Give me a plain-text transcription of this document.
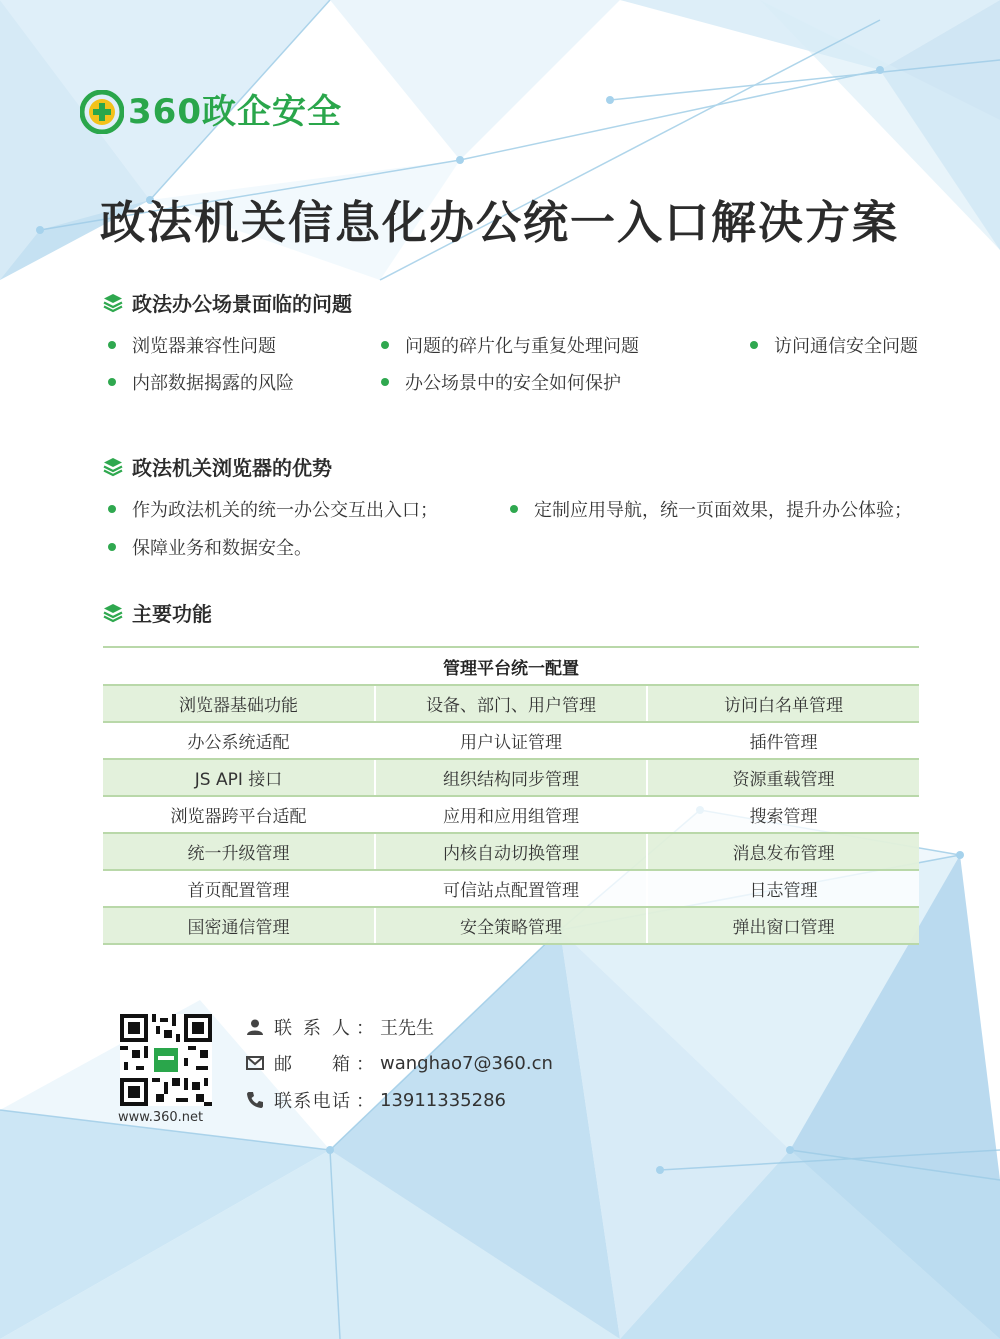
360政企安全
政法机关信息化办公统一入口解决方案
政法办公场景面临的问题
浏览器兼容性问题	问题的碎片化与重复处理问题	访问通信安全问题
内部数据揭露的风险	办公场景中的安全如何保护
政法机关浏览器的优势
作为政法机关的统一办公交互出入口；	定制应用导航，统一页面效果，提升办公体验；
保障业务和数据安全。
主要功能
管理平台统一配置		
浏览器基础功能	设备、部门、用户管理	访问白名单管理
办公系统适配	用户认证管理	插件管理
JS API 接口	组织结构同步管理	资源重载管理
浏览器跨平台适配	应用和应用组管理	搜索管理
统一升级管理	内核自动切换管理	消息发布管理
首页配置管理	可信站点配置管理	日志管理
国密通信管理	安全策略管理	弹出窗口管理
www.360.net
联系人 ： 王先生
邮箱 ： wanghao7@360.cn
联系电话 ： 13911335286
